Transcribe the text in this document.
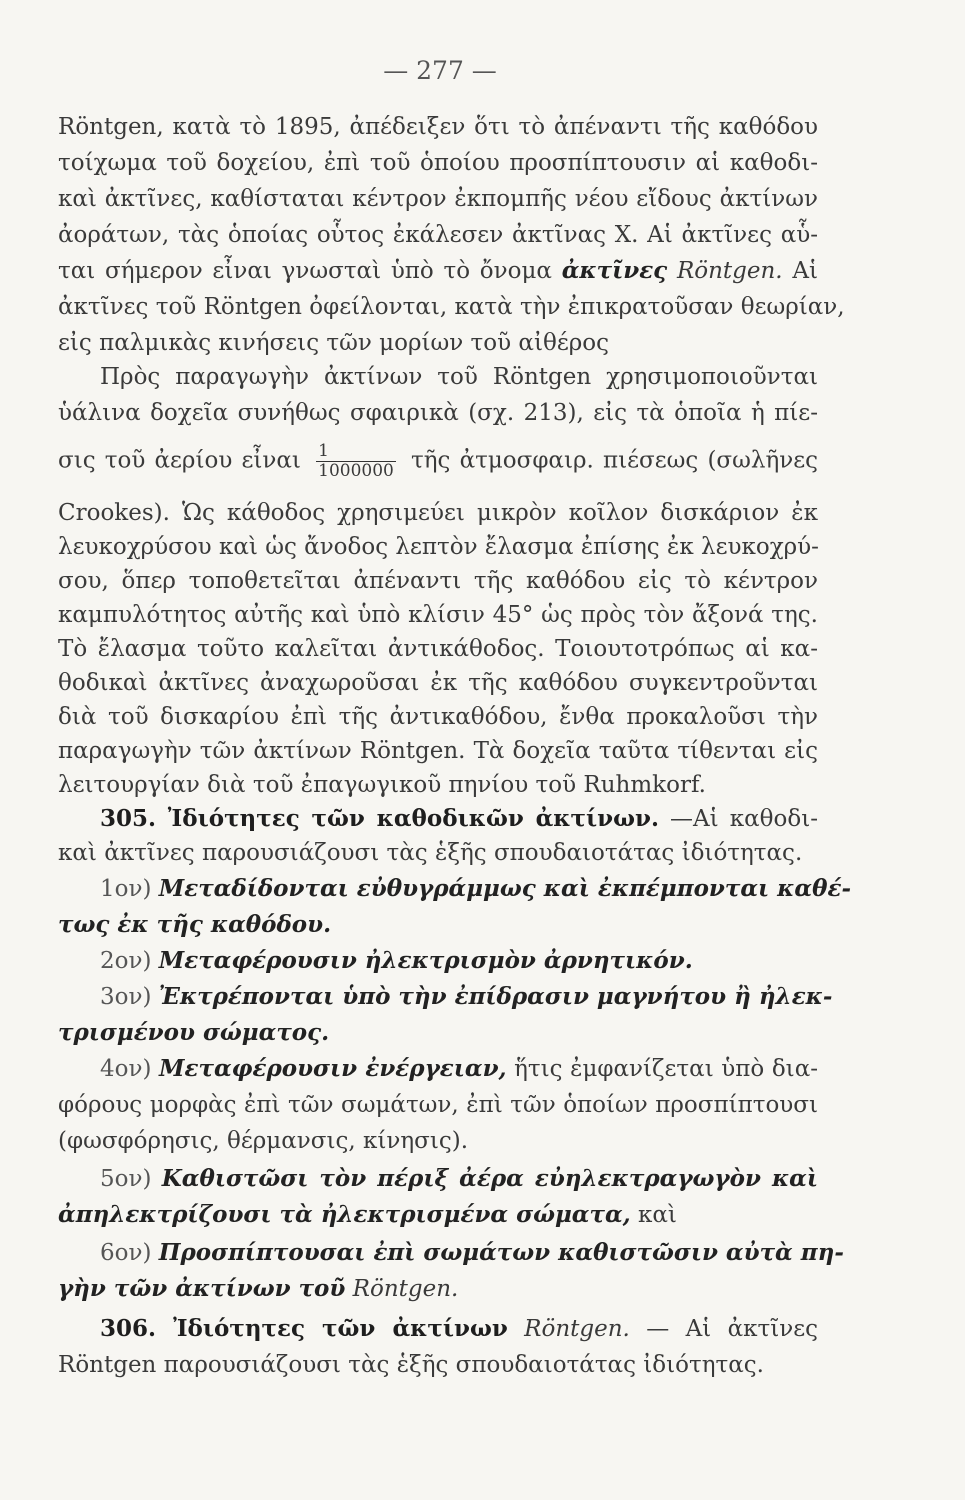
— 277 —
Röntgen, κατὰ τὸ 1895, ἀπέδειξεν ὅτι τὸ ἀπέναντι τῆς καθόδου
τοίχωμα τοῦ δοχείου, ἐπὶ τοῦ ὁποίου προσπίπτουσιν αἱ καθοδι-
καὶ ἀκτῖνες, καθίσταται κέντρον ἐκπομπῆς νέου εἴδους ἀκτίνων
ἀοράτων, τὰς ὁποίας οὗτος ἐκάλεσεν ἀκτῖνας Χ. Αἱ ἀκτῖνες αὗ-
ται σήμερον εἶναι γνωσταὶ ὑπὸ τὸ ὄνομα ἀκτῖνες Röntgen. Αἱ
ἀκτῖνες τοῦ Röntgen ὀφείλονται, κατὰ τὴν ἐπικρατοῦσαν θεωρίαν,
εἰς παλμικὰς κινήσεις τῶν μορίων τοῦ αἰθέρος
Πρὸς παραγωγὴν ἀκτίνων τοῦ Röntgen χρησιμοποιοῦνται
ὑάλινα δοχεῖα συνήθως σφαιρικὰ (σχ. 213), εἰς τὰ ὁποῖα ἡ πίε-
σις τοῦ ἀερίου εἶναι $\frac{1}{1000000}$ τῆς ἀτμοσφαιρ. πιέσεως (σωλῆνες
Crookes). Ὡς κάθοδος χρησιμεύει μικρὸν κοῖλον δισκάριον ἐκ
λευκοχρύσου καὶ ὡς ἄνοδος λεπτὸν ἔλασμα ἐπίσης ἐκ λευκοχρύ-
σου, ὅπερ τοποθετεῖται ἀπέναντι τῆς καθόδου εἰς τὸ κέντρον
καμπυλότητος αὐτῆς καὶ ὑπὸ κλίσιν 45° ὡς πρὸς τὸν ἄξονά της.
Τὸ ἔλασμα τοῦτο καλεῖται ἀντικάθοδος. Τοιουτοτρόπως αἱ κα-
θοδικαὶ ἀκτῖνες ἀναχωροῦσαι ἐκ τῆς καθόδου συγκεντροῦνται
διὰ τοῦ δισκαρίου ἐπὶ τῆς ἀντικαθόδου, ἔνθα προκαλοῦσι τὴν
παραγωγὴν τῶν ἀκτίνων Röntgen. Τὰ δοχεῖα ταῦτα τίθενται εἰς
λειτουργίαν διὰ τοῦ ἐπαγωγικοῦ πηνίου τοῦ Ruhmkorf.
305. Ἰδιότητες τῶν καθοδικῶν ἀκτίνων. —Αἱ καθοδι-
καὶ ἀκτῖνες παρουσιάζουσι τὰς ἑξῆς σπουδαιοτάτας ἰδιότητας.
1ον) Μεταδίδονται εὐθυγράμμως καὶ ἐκπέμπονται καθέ-
τως ἐκ τῆς καθόδου.
2ον) Μεταφέρουσιν ἠλεκτρισμὸν ἀρνητικόν.
3ον) Ἐκτρέπονται ὑπὸ τὴν ἐπίδρασιν μαγνήτου ἢ ἠλεκ-
τρισμένου σώματος.
4ον) Μεταφέρουσιν ἐνέργειαν, ἥτις ἐμφανίζεται ὑπὸ δια-
φόρους μορφὰς ἐπὶ τῶν σωμάτων, ἐπὶ τῶν ὁποίων προσπίπτουσι
(φωσφόρησις, θέρμανσις, κίνησις).
5ον) Καθιστῶσι τὸν πέριξ ἀέρα εὐηλεκτραγωγὸν καὶ
ἀπηλεκτρίζουσι τὰ ἠλεκτρισμένα σώματα, καὶ
6ον) Προσπίπτουσαι ἐπὶ σωμάτων καθιστῶσιν αὐτὰ πη-
γὴν τῶν ἀκτίνων τοῦ Röntgen.
306. Ἰδιότητες τῶν ἀκτίνων Röntgen. — Αἱ ἀκτῖνες
Röntgen παρουσιάζουσι τὰς ἑξῆς σπουδαιοτάτας ἰδιότητας.
